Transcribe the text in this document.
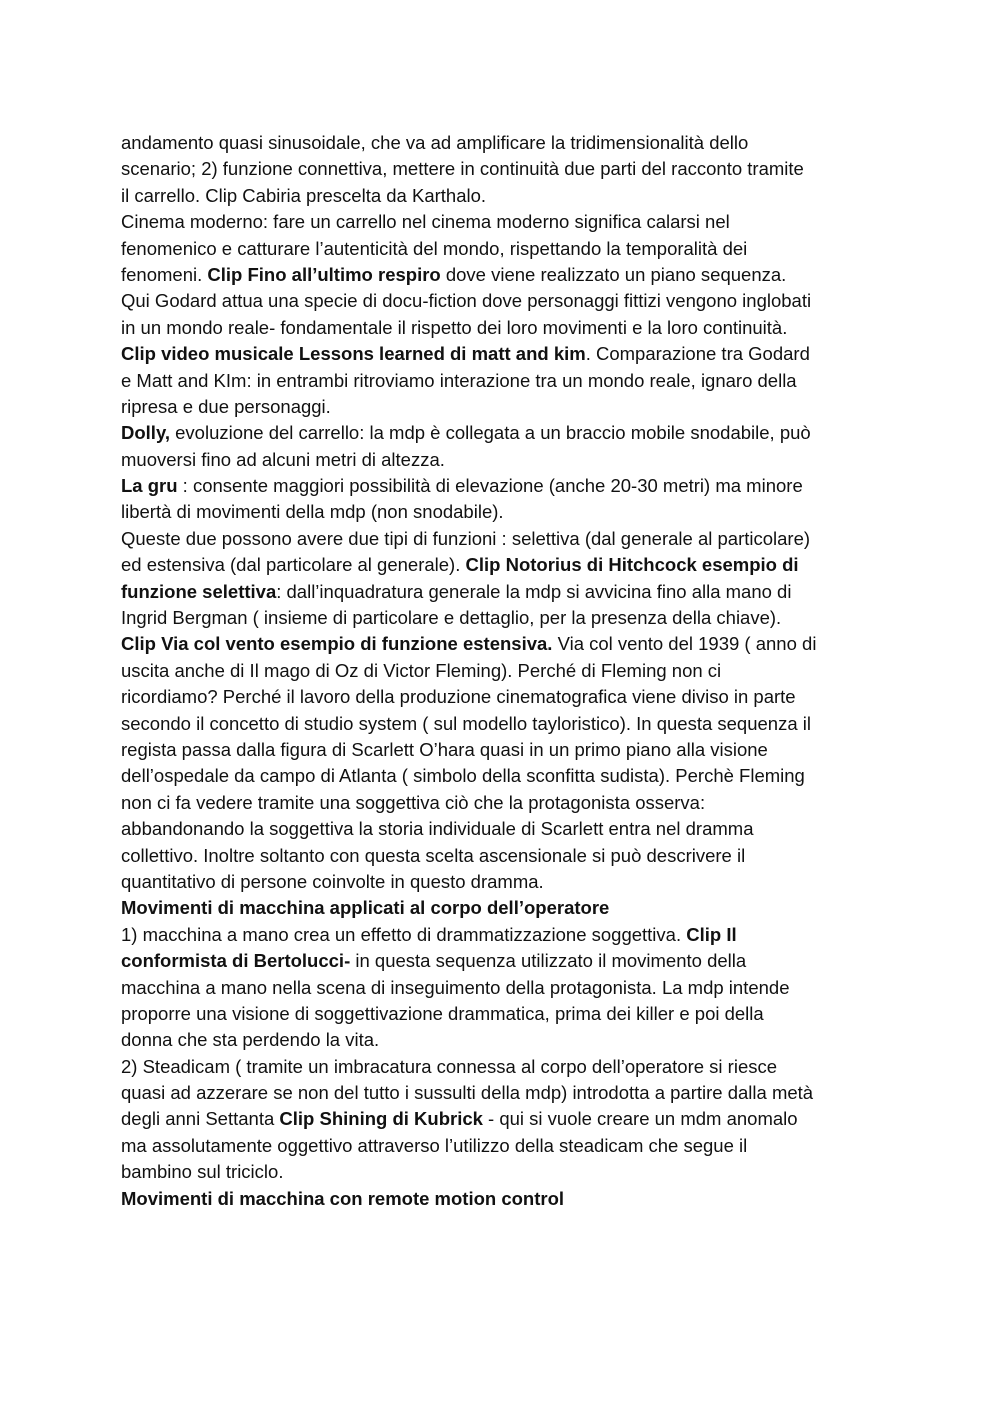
andamento quasi sinusoidale, che va ad amplificare la tridimensionalità dello
scenario; 2) funzione connettiva, mettere in continuità due parti del racconto tramite
il carrello. Clip Cabiria prescelta da Karthalo.
Cinema moderno: fare un carrello nel cinema moderno significa calarsi nel
fenomenico e catturare l’autenticità del mondo, rispettando la temporalità dei
fenomeni. Clip Fino all’ultimo respiro dove viene realizzato un piano sequenza.
Qui Godard attua una specie di docu-fiction dove personaggi fittizi vengono inglobati
in un mondo reale- fondamentale il rispetto dei loro movimenti e la loro continuità.
Clip video musicale Lessons learned di matt and kim. Comparazione tra Godard
e Matt and KIm: in entrambi ritroviamo interazione tra un mondo reale, ignaro della
ripresa e due personaggi.
Dolly, evoluzione del carrello: la mdp è collegata a un braccio mobile snodabile, può
muoversi fino ad alcuni metri di altezza.
La gru : consente maggiori possibilità di elevazione (anche 20-30 metri) ma minore
libertà di movimenti della mdp (non snodabile).
Queste due possono avere due tipi di funzioni : selettiva (dal generale al particolare)
ed estensiva (dal particolare al generale). Clip Notorius di Hitchcock esempio di
funzione selettiva: dall’inquadratura generale la mdp si avvicina fino alla mano di
Ingrid Bergman ( insieme di particolare e dettaglio, per la presenza della chiave).
Clip Via col vento esempio di funzione estensiva. Via col vento del 1939 ( anno di
uscita anche di Il mago di Oz di Victor Fleming). Perché di Fleming non ci
ricordiamo? Perché il lavoro della produzione cinematografica viene diviso in parte
secondo il concetto di studio system ( sul modello tayloristico). In questa sequenza il
regista passa dalla figura di Scarlett O’hara quasi in un primo piano alla visione
dell’ospedale da campo di Atlanta ( simbolo della sconfitta sudista). Perchè Fleming
non ci fa vedere tramite una soggettiva ciò che la protagonista osserva:
abbandonando la soggettiva la storia individuale di Scarlett entra nel dramma
collettivo. Inoltre soltanto con questa scelta ascensionale si può descrivere il
quantitativo di persone coinvolte in questo dramma.
Movimenti di macchina applicati al corpo dell’operatore
1) macchina a mano crea un effetto di drammatizzazione soggettiva. Clip Il
conformista di Bertolucci- in questa sequenza utilizzato il movimento della
macchina a mano nella scena di inseguimento della protagonista. La mdp intende
proporre una visione di soggettivazione drammatica, prima dei killer e poi della
donna che sta perdendo la vita.
2) Steadicam ( tramite un imbracatura connessa al corpo dell’operatore si riesce
quasi ad azzerare se non del tutto i sussulti della mdp) introdotta a partire dalla metà
degli anni Settanta Clip Shining di Kubrick - qui si vuole creare un mdm anomalo
ma assolutamente oggettivo attraverso l’utilizzo della steadicam che segue il
bambino sul triciclo.
Movimenti di macchina con remote motion control
